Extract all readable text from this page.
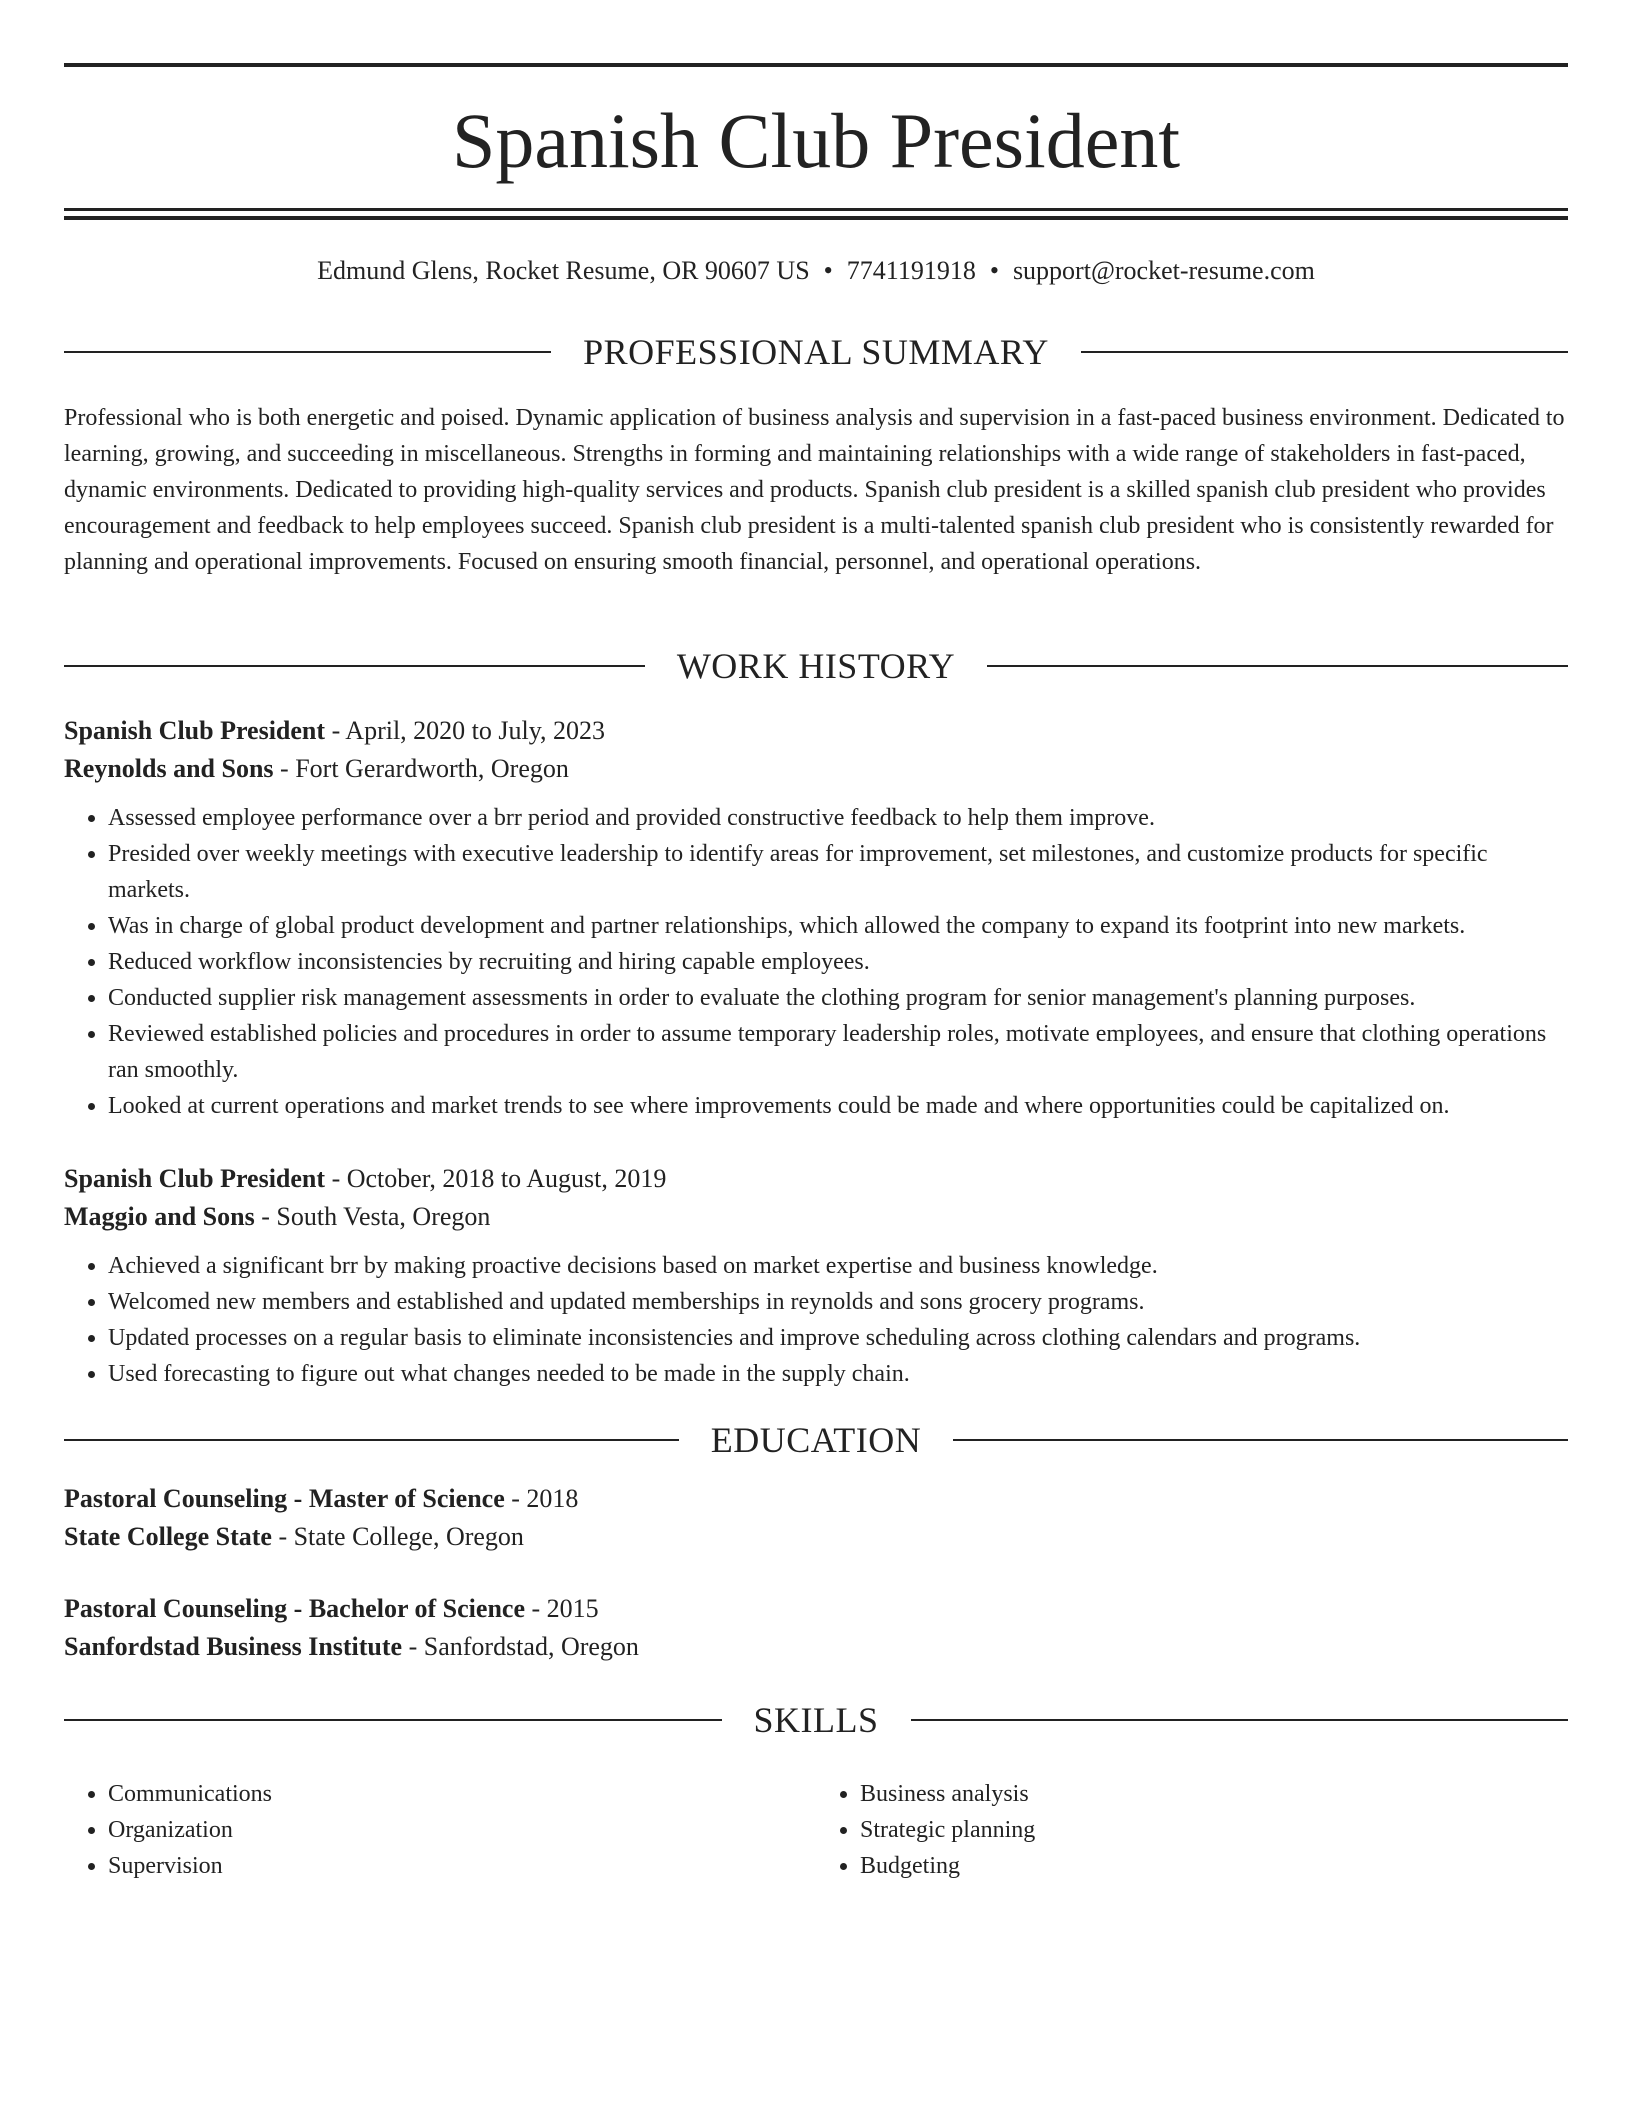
Spanish Club President
Edmund Glens, Rocket Resume, OR 90607 US • 7741191918 • support@rocket-resume.com
PROFESSIONAL SUMMARY

Professional who is both energetic and poised. Dynamic application of business analysis and supervision in a fast-paced business environment. Dedicated to learning, growing, and succeeding in miscellaneous. Strengths in forming and maintaining relationships with a wide range of stakeholders in fast-paced, dynamic environments. Dedicated to providing high-quality services and products. Spanish club president is a skilled spanish club president who provides encouragement and feedback to help employees succeed. Spanish club president is a multi-talented spanish club president who is consistently rewarded for planning and operational improvements. Focused on ensuring smooth financial, personnel, and operational operations.

WORK HISTORY

Spanish Club President - April, 2020 to July, 2023

Reynolds and Sons - Fort Gerardworth, Oregon

• Assessed employee performance over a brr period and provided constructive feedback to help them improve.
• Presided over weekly meetings with executive leadership to identify areas for improvement, set milestones, and customize products for specific markets.
• Was in charge of global product development and partner relationships, which allowed the company to expand its footprint into new markets.
• Reduced workflow inconsistencies by recruiting and hiring capable employees.
• Conducted supplier risk management assessments in order to evaluate the clothing program for senior management's planning purposes.
• Reviewed established policies and procedures in order to assume temporary leadership roles, motivate employees, and ensure that clothing operations ran smoothly.
• Looked at current operations and market trends to see where improvements could be made and where opportunities could be capitalized on.

Spanish Club President - October, 2018 to August, 2019

Maggio and Sons - South Vesta, Oregon

• Achieved a significant brr by making proactive decisions based on market expertise and business knowledge.
• Welcomed new members and established and updated memberships in reynolds and sons grocery programs.
• Updated processes on a regular basis to eliminate inconsistencies and improve scheduling across clothing calendars and programs.
• Used forecasting to figure out what changes needed to be made in the supply chain.
EDUCATION

Pastoral Counseling - Master of Science - 2018

State College State - State College, Oregon

Pastoral Counseling - Bachelor of Science - 2015

Sanfordstad Business Institute - Sanfordstad, Oregon

SKILLS
• Communications
• Organization
• Supervision
• Business analysis
• Strategic planning
• Budgeting
